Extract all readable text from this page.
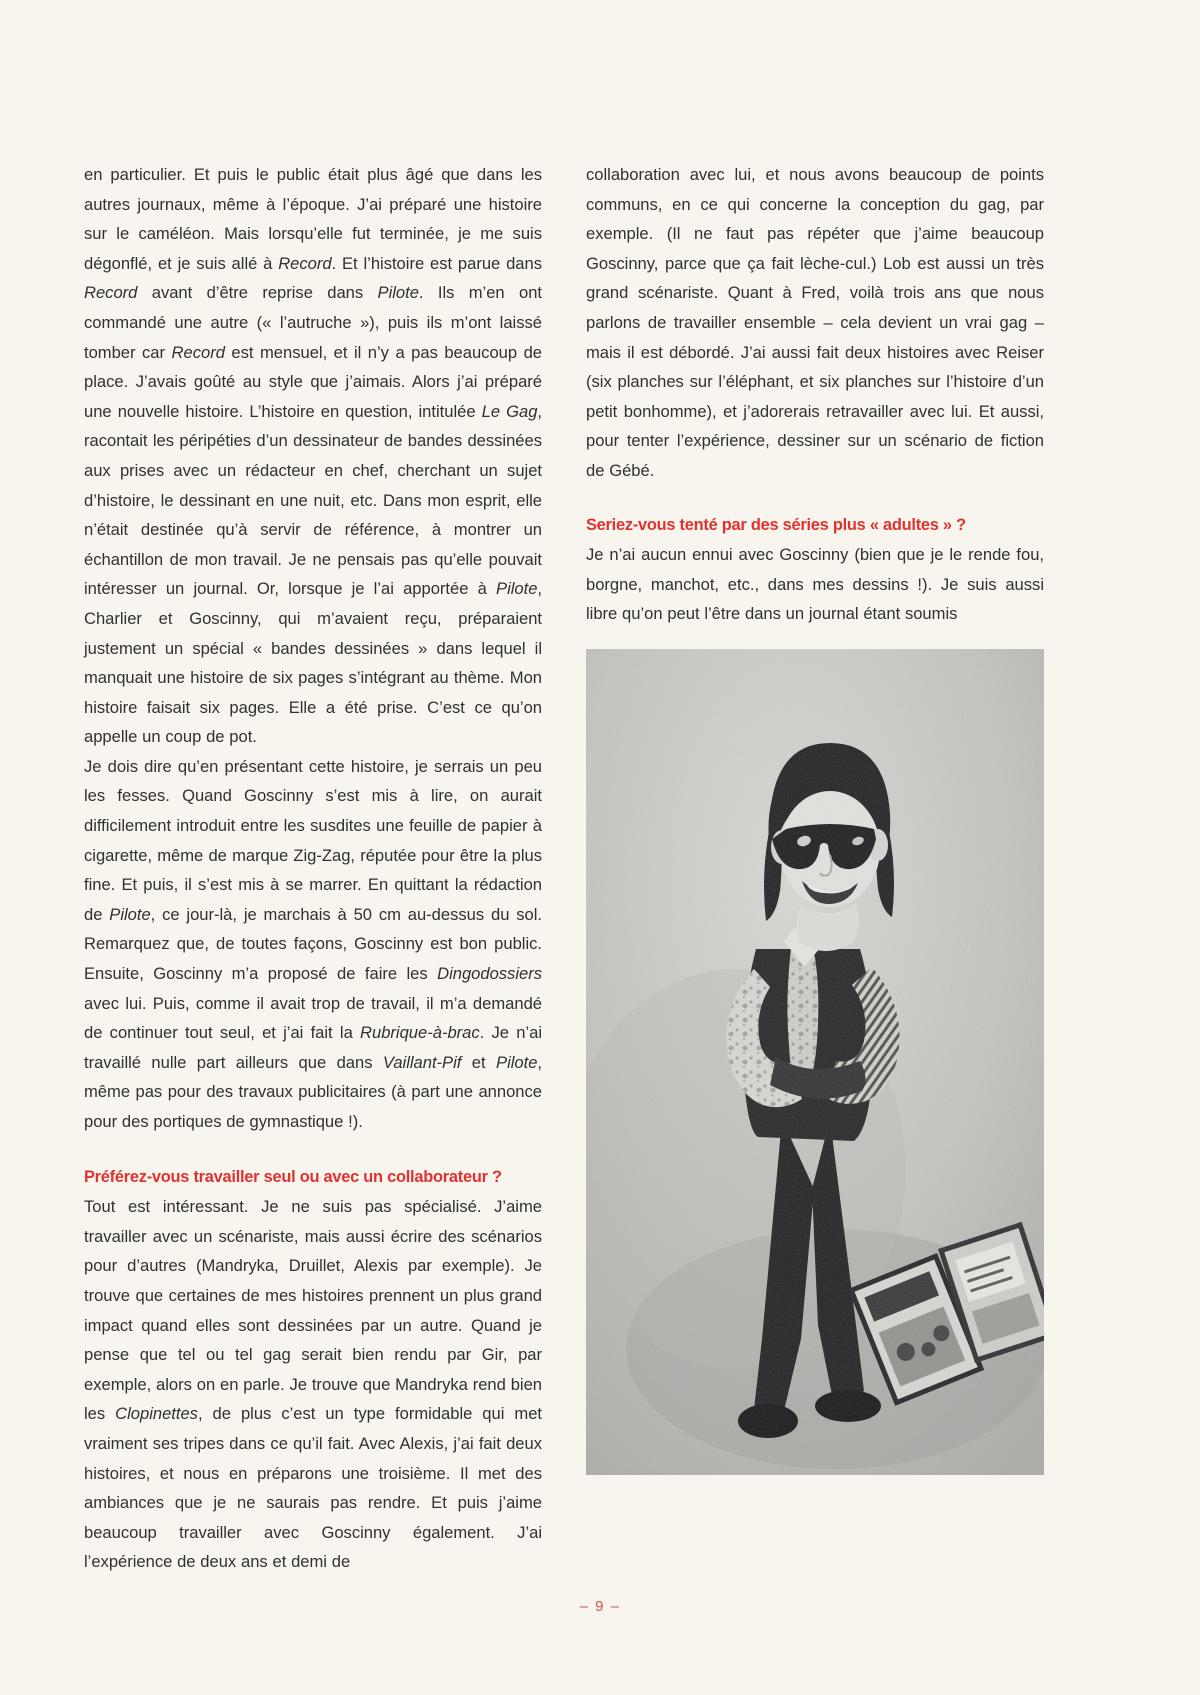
en particulier. Et puis le public était plus âgé que dans les autres journaux, même à l’époque. J’ai préparé une histoire sur le caméléon. Mais lorsqu’elle fut terminée, je me suis dégonflé, et je suis allé à Record. Et l’histoire est parue dans Record avant d’être reprise dans Pilote. Ils m’en ont commandé une autre (« l’autruche »), puis ils m’ont laissé tomber car Record est mensuel, et il n’y a pas beaucoup de place. J’avais goûté au style que j’aimais. Alors j’ai préparé une nouvelle histoire. L’histoire en question, intitulée Le Gag, racontait les péripéties d’un dessinateur de bandes dessinées aux prises avec un rédacteur en chef, cherchant un sujet d’histoire, le dessinant en une nuit, etc. Dans mon esprit, elle n’était destinée qu’à servir de référence, à montrer un échantillon de mon travail. Je ne pensais pas qu’elle pouvait intéresser un journal. Or, lorsque je l’ai apportée à Pilote, Charlier et Goscinny, qui m’avaient reçu, préparaient justement un spécial « bandes dessinées » dans lequel il manquait une histoire de six pages s’intégrant au thème. Mon histoire faisait six pages. Elle a été prise. C’est ce qu’on appelle un coup de pot.

Je dois dire qu’en présentant cette histoire, je serrais un peu les fesses. Quand Goscinny s’est mis à lire, on aurait difficilement introduit entre les susdites une feuille de papier à cigarette, même de marque Zig-Zag, réputée pour être la plus fine. Et puis, il s’est mis à se marrer. En quittant la rédaction de Pilote, ce jour-là, je marchais à 50 cm au-dessus du sol. Remarquez que, de toutes façons, Goscinny est bon public. Ensuite, Goscinny m’a proposé de faire les Dingodossiers avec lui. Puis, comme il avait trop de travail, il m’a demandé de continuer tout seul, et j’ai fait la Rubrique-à-brac. Je n’ai travaillé nulle part ailleurs que dans Vaillant-Pif et Pilote, même pas pour des travaux publicitaires (à part une annonce pour des portiques de gymnastique !).

Préférez-vous travailler seul ou avec un collaborateur ?

Tout est intéressant. Je ne suis pas spécialisé. J’aime travailler avec un scénariste, mais aussi écrire des scénarios pour d’autres (Mandryka, Druillet, Alexis par exemple). Je trouve que certaines de mes histoires prennent un plus grand impact quand elles sont dessinées par un autre. Quand je pense que tel ou tel gag serait bien rendu par Gir, par exemple, alors on en parle. Je trouve que Mandryka rend bien les Clopinettes, de plus c’est un type formidable qui met vraiment ses tripes dans ce qu’il fait. Avec Alexis, j’ai fait deux histoires, et nous en préparons une troisième. Il met des ambiances que je ne saurais pas rendre. Et puis j’aime beaucoup travailler avec Goscinny également. J’ai l’expérience de deux ans et demi de

collaboration avec lui, et nous avons beaucoup de points communs, en ce qui concerne la conception du gag, par exemple. (Il ne faut pas répéter que j’aime beaucoup Goscinny, parce que ça fait lèche-cul.) Lob est aussi un très grand scénariste. Quant à Fred, voilà trois ans que nous parlons de travailler ensemble – cela devient un vrai gag – mais il est débordé. J’ai aussi fait deux histoires avec Reiser (six planches sur l’éléphant, et six planches sur l’histoire d’un petit bonhomme), et j’adorerais retravailler avec lui. Et aussi, pour tenter l’expérience, dessiner sur un scénario de fiction de Gébé.

Seriez-vous tenté par des séries plus « adultes » ?

Je n’ai aucun ennui avec Goscinny (bien que je le rende fou, borgne, manchot, etc., dans mes dessins !). Je suis aussi libre qu’on peut l’être dans un journal étant soumis

– 9 –
